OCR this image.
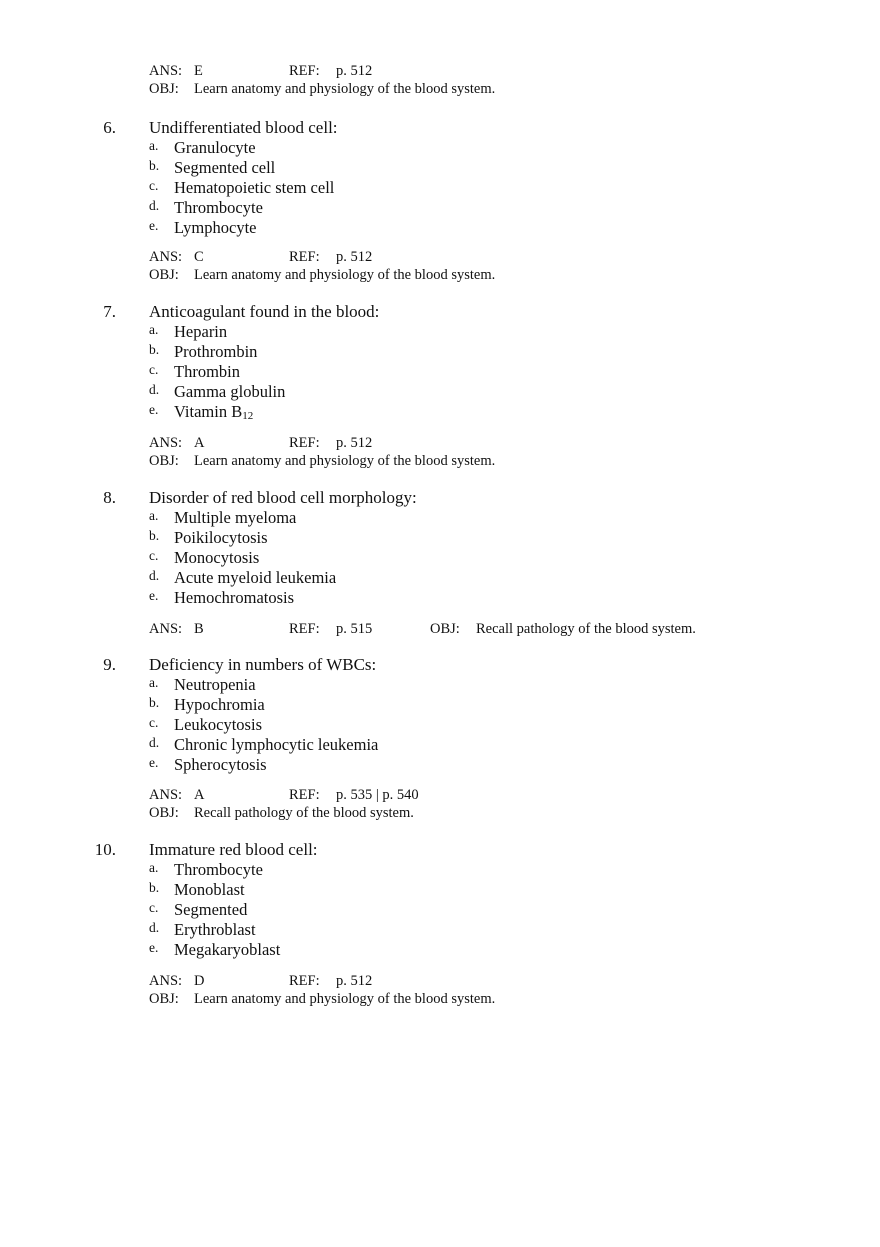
ANS: E	REF: p. 512
OBJ: Learn anatomy and physiology of the blood system.
6. Undifferentiated blood cell:
a. Granulocyte
b. Segmented cell
c. Hematopoietic stem cell
d. Thrombocyte
e. Lymphocyte
ANS: C	REF: p. 512
OBJ: Learn anatomy and physiology of the blood system.
7. Anticoagulant found in the blood:
a. Heparin
b. Prothrombin
c. Thrombin
d. Gamma globulin
e. Vitamin $B_{12}$
ANS: A	REF: p. 512
OBJ: Learn anatomy and physiology of the blood system.
8. Disorder of red blood cell morphology:
a. Multiple myeloma
b. Poikilocytosis
c. Monocytosis
d. Acute myeloid leukemia
e. Hemochromatosis
ANS: B	REF: p. 515	OBJ: Recall pathology of the blood system.
9. Deficiency in numbers of WBCs:
a. Neutropenia
b. Hypochromia
c. Leukocytosis
d. Chronic lymphocytic leukemia
e. Spherocytosis
ANS: A	REF: p. 535 | p. 540
OBJ: Recall pathology of the blood system.
10. Immature red blood cell:
a. Thrombocyte
b. Monoblast
c. Segmented
d. Erythroblast
e. Megakaryoblast
ANS: D	REF: p. 512
OBJ: Learn anatomy and physiology of the blood system.
